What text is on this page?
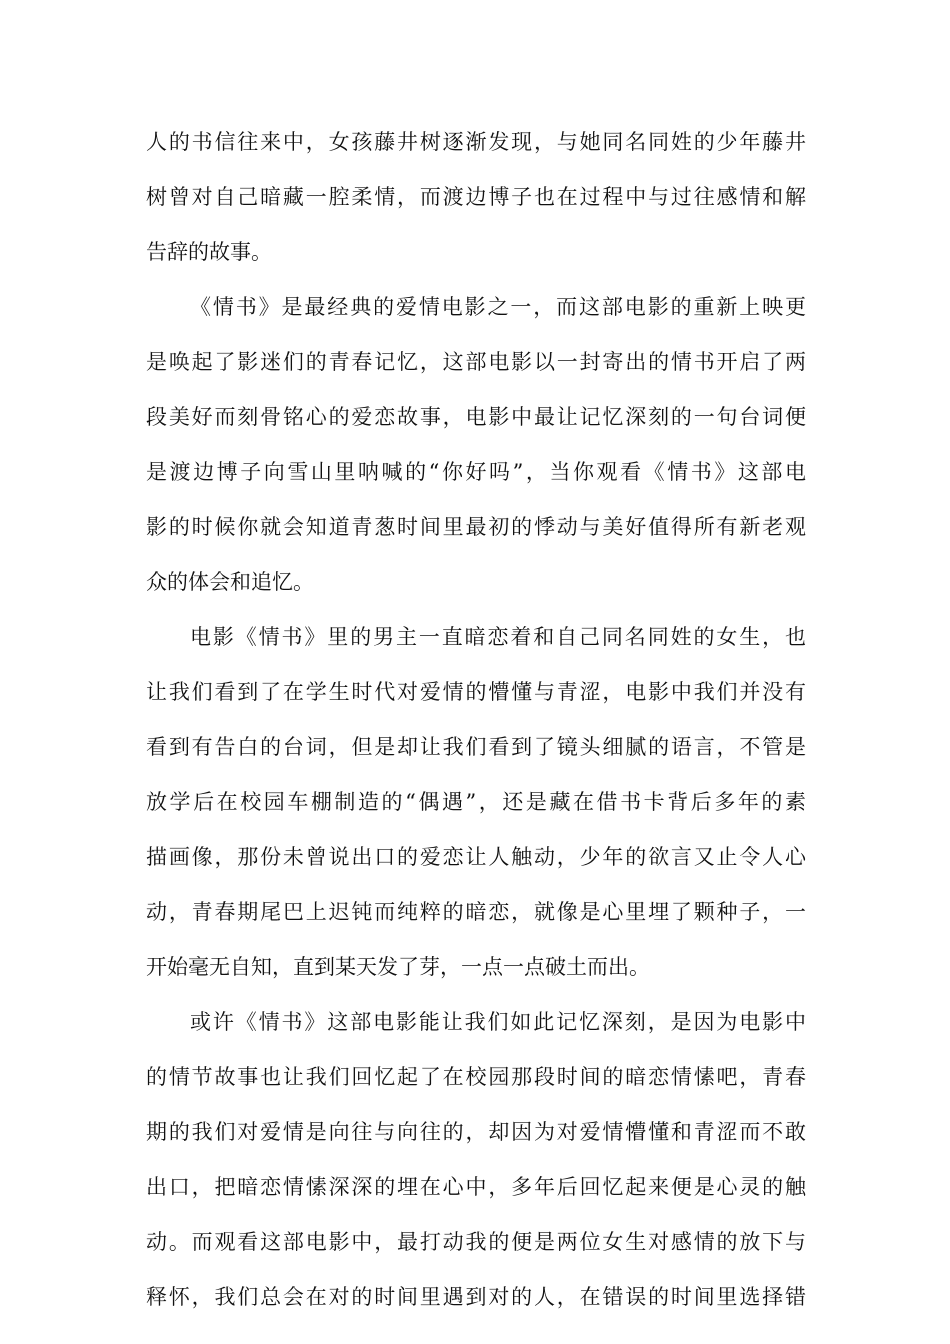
人的书信往来中，女孩藤井树逐渐发现，与她同名同姓的少年藤井
树曾对自己暗藏一腔柔情，而渡边博子也在过程中与过往感情和解
告辞的故事。
《情书》是最经典的爱情电影之一，而这部电影的重新上映更
是唤起了影迷们的青春记忆，这部电影以一封寄出的情书开启了两
段美好而刻骨铭心的爱恋故事，电影中最让记忆深刻的一句台词便
是渡边博子向雪山里呐喊的“你好吗”，当你观看《情书》这部电
影的时候你就会知道青葱时间里最初的悸动与美好值得所有新老观
众的体会和追忆。
电影《情书》里的男主一直暗恋着和自己同名同姓的女生，也
让我们看到了在学生时代对爱情的懵懂与青涩，电影中我们并没有
看到有告白的台词，但是却让我们看到了镜头细腻的语言，不管是
放学后在校园车棚制造的“偶遇”，还是藏在借书卡背后多年的素
描画像，那份未曾说出口的爱恋让人触动，少年的欲言又止令人心
动，青春期尾巴上迟钝而纯粹的暗恋，就像是心里埋了颗种子，一
开始毫无自知，直到某天发了芽，一点一点破土而出。
或许《情书》这部电影能让我们如此记忆深刻，是因为电影中
的情节故事也让我们回忆起了在校园那段时间的暗恋情愫吧，青春
期的我们对爱情是向往与向往的，却因为对爱情懵懂和青涩而不敢
出口，把暗恋情愫深深的埋在心中，多年后回忆起来便是心灵的触
动。而观看这部电影中，最打动我的便是两位女生对感情的放下与
释怀，我们总会在对的时间里遇到对的人，在错误的时间里选择错
